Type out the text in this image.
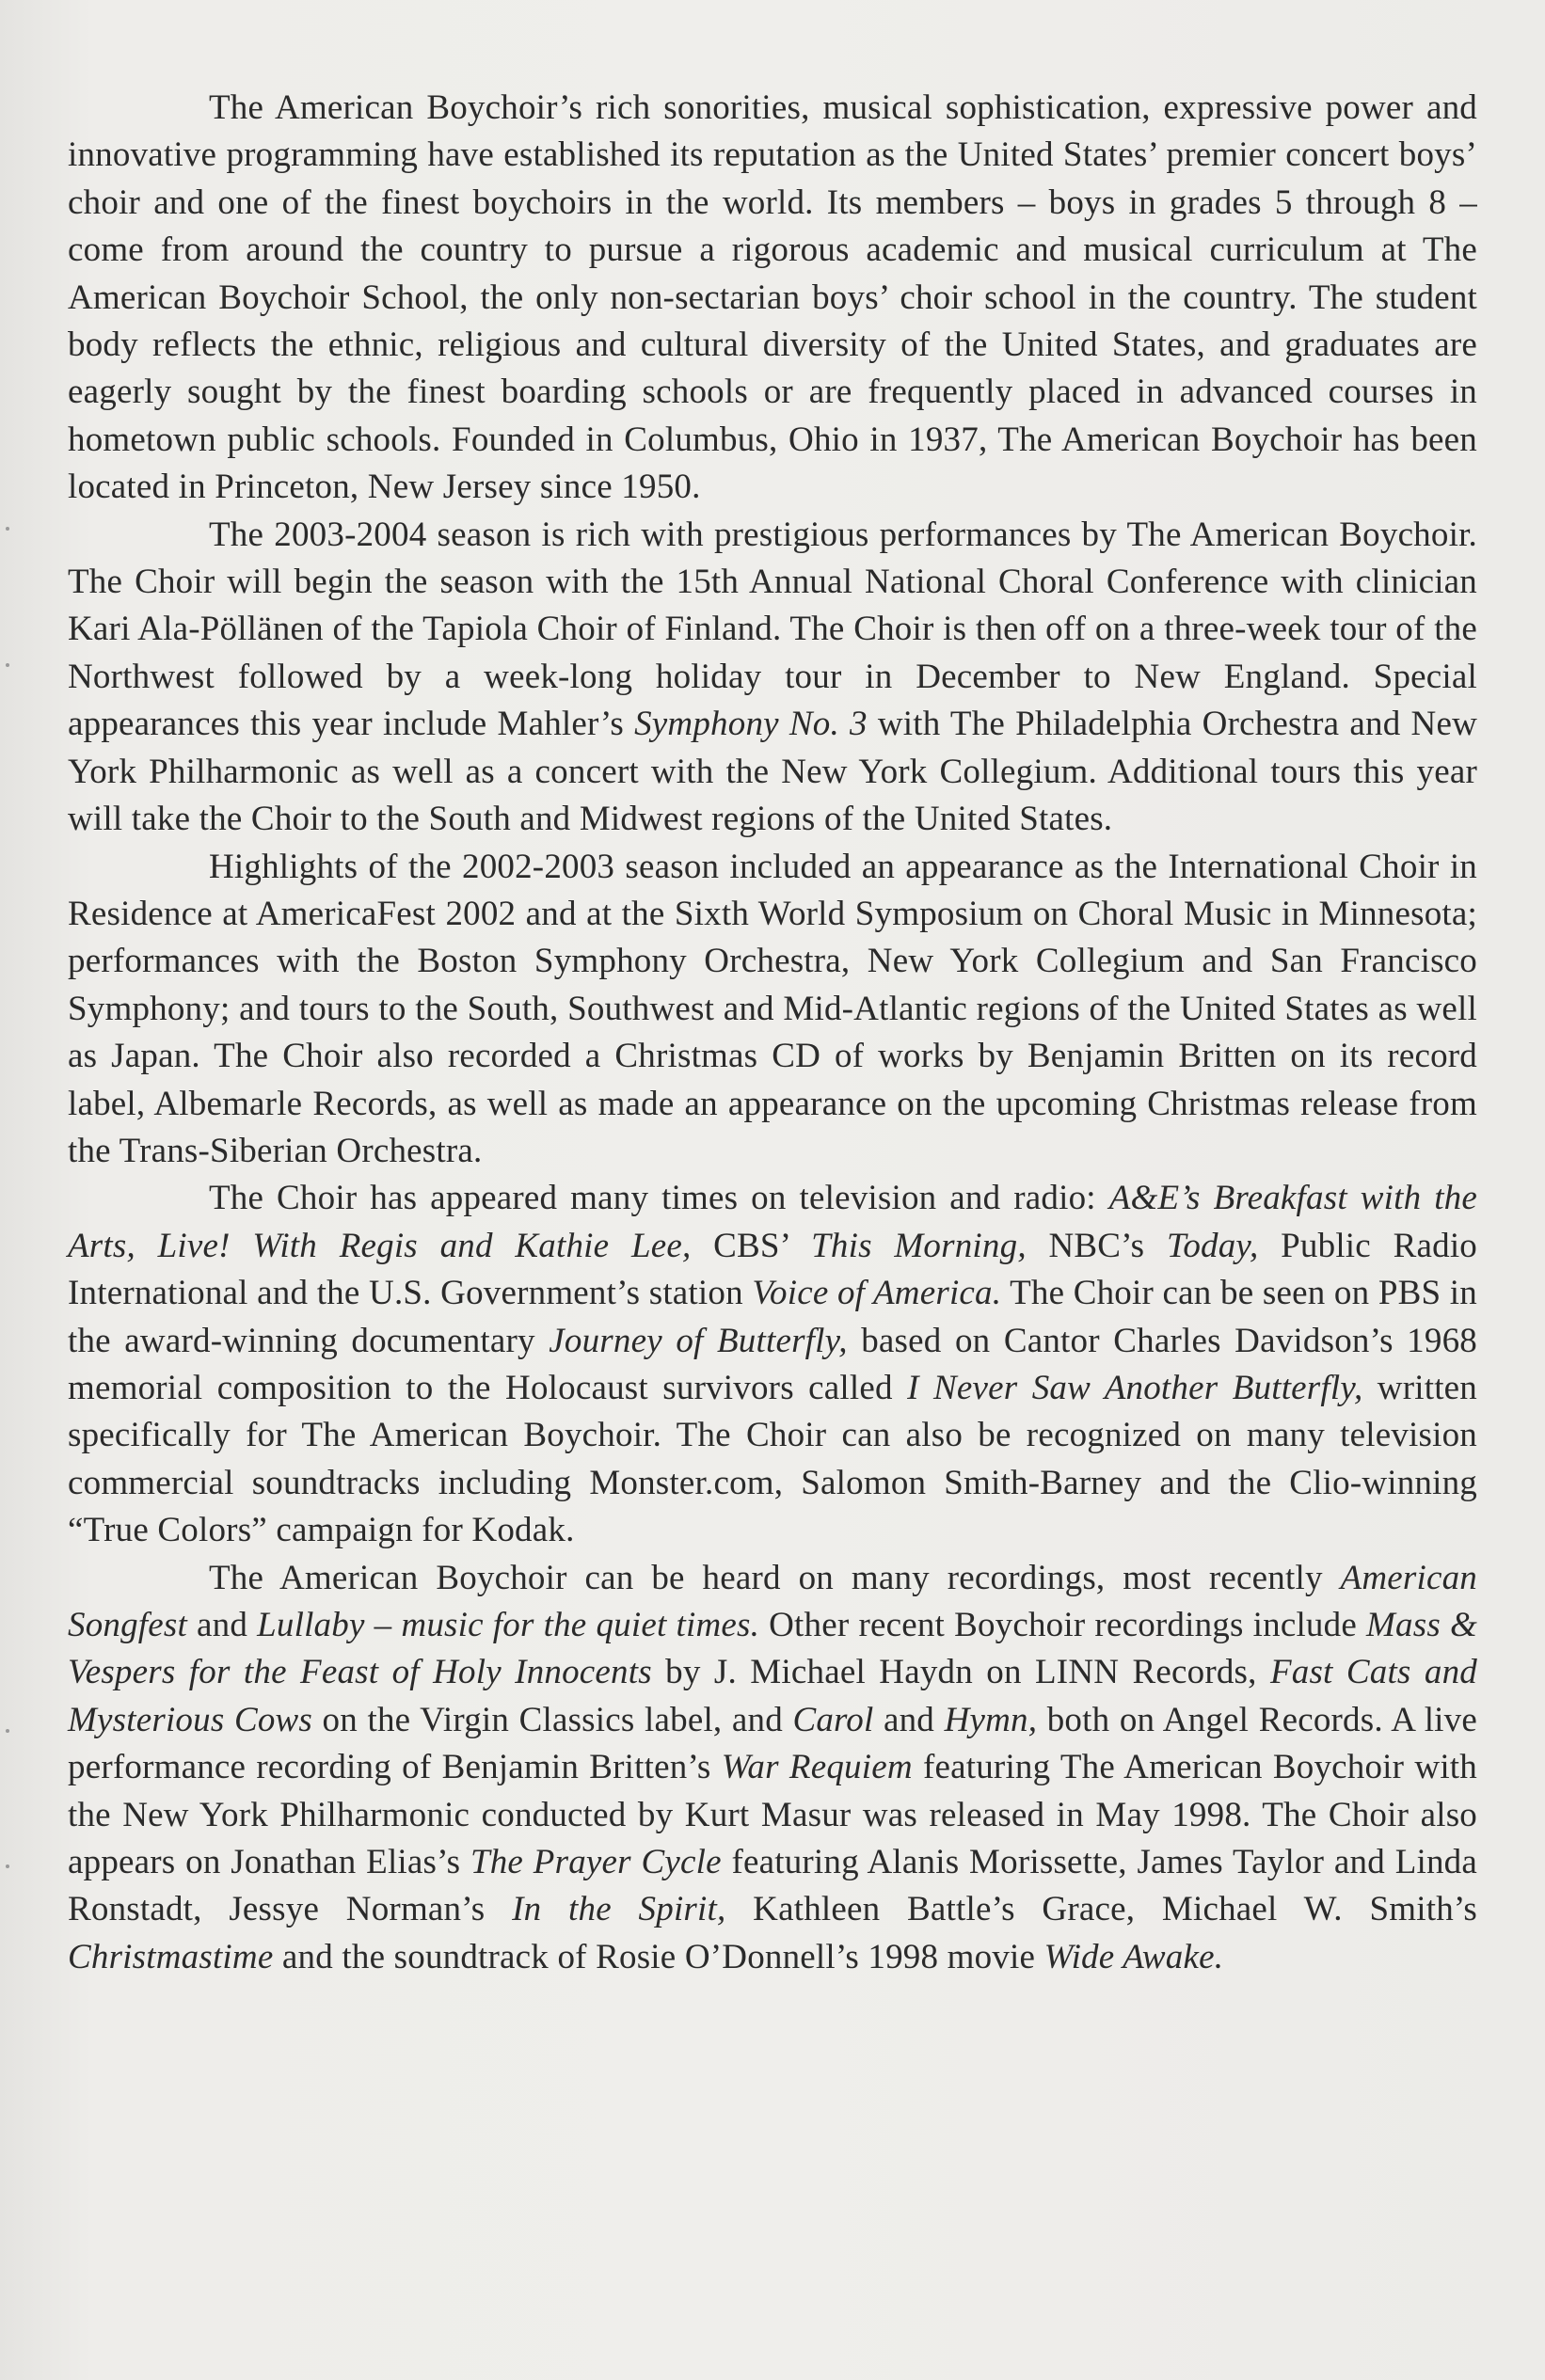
The American Boychoir’s rich sonorities, musical sophistication, expressive power and innovative programming have established its reputation as the United States’ premier concert boys’ choir and one of the finest boychoirs in the world. Its members – boys in grades 5 through 8 – come from around the country to pursue a rigorous academic and musical curriculum at The American Boychoir School, the only non-sectarian boys’ choir school in the country. The student body reflects the ethnic, religious and cultural diversity of the United States, and graduates are eagerly sought by the finest boarding schools or are frequently placed in advanced courses in hometown public schools. Founded in Columbus, Ohio in 1937, The American Boychoir has been located in Princeton, New Jersey since 1950.

The 2003-2004 season is rich with prestigious performances by The American Boychoir. The Choir will begin the season with the 15th Annual National Choral Conference with clinician Kari Ala-Pöllänen of the Tapiola Choir of Finland. The Choir is then off on a three-week tour of the Northwest followed by a week-long holiday tour in December to New England. Special appearances this year include Mahler’s Symphony No. 3 with The Philadelphia Orchestra and New York Philharmonic as well as a concert with the New York Collegium. Additional tours this year will take the Choir to the South and Midwest regions of the United States.

Highlights of the 2002-2003 season included an appearance as the International Choir in Residence at AmericaFest 2002 and at the Sixth World Symposium on Choral Music in Minnesota; performances with the Boston Symphony Orchestra, New York Collegium and San Francisco Symphony; and tours to the South, Southwest and Mid-Atlantic regions of the United States as well as Japan. The Choir also recorded a Christmas CD of works by Benjamin Britten on its record label, Albemarle Records, as well as made an appearance on the upcoming Christmas release from the Trans-Siberian Orchestra.

The Choir has appeared many times on television and radio: A&E’s Breakfast with the Arts, Live! With Regis and Kathie Lee, CBS’ This Morning, NBC’s Today, Public Radio International and the U.S. Government’s station Voice of America. The Choir can be seen on PBS in the award-winning documentary Journey of Butterfly, based on Cantor Charles Davidson’s 1968 memorial composition to the Holocaust survivors called I Never Saw Another Butterfly, written specifically for The American Boychoir. The Choir can also be recognized on many television commercial soundtracks including Monster.com, Salomon Smith-Barney and the Clio-winning “True Colors” campaign for Kodak.

The American Boychoir can be heard on many recordings, most recently American Songfest and Lullaby – music for the quiet times. Other recent Boychoir recordings include Mass & Vespers for the Feast of Holy Innocents by J. Michael Haydn on LINN Records, Fast Cats and Mysterious Cows on the Virgin Classics label, and Carol and Hymn, both on Angel Records. A live performance recording of Benjamin Britten’s War Requiem featuring The American Boychoir with the New York Philharmonic conducted by Kurt Masur was released in May 1998. The Choir also appears on Jonathan Elias’s The Prayer Cycle featuring Alanis Morissette, James Taylor and Linda Ronstadt, Jessye Norman’s In the Spirit, Kathleen Battle’s Grace, Michael W. Smith’s Christmastime and the soundtrack of Rosie O’Donnell’s 1998 movie Wide Awake.
